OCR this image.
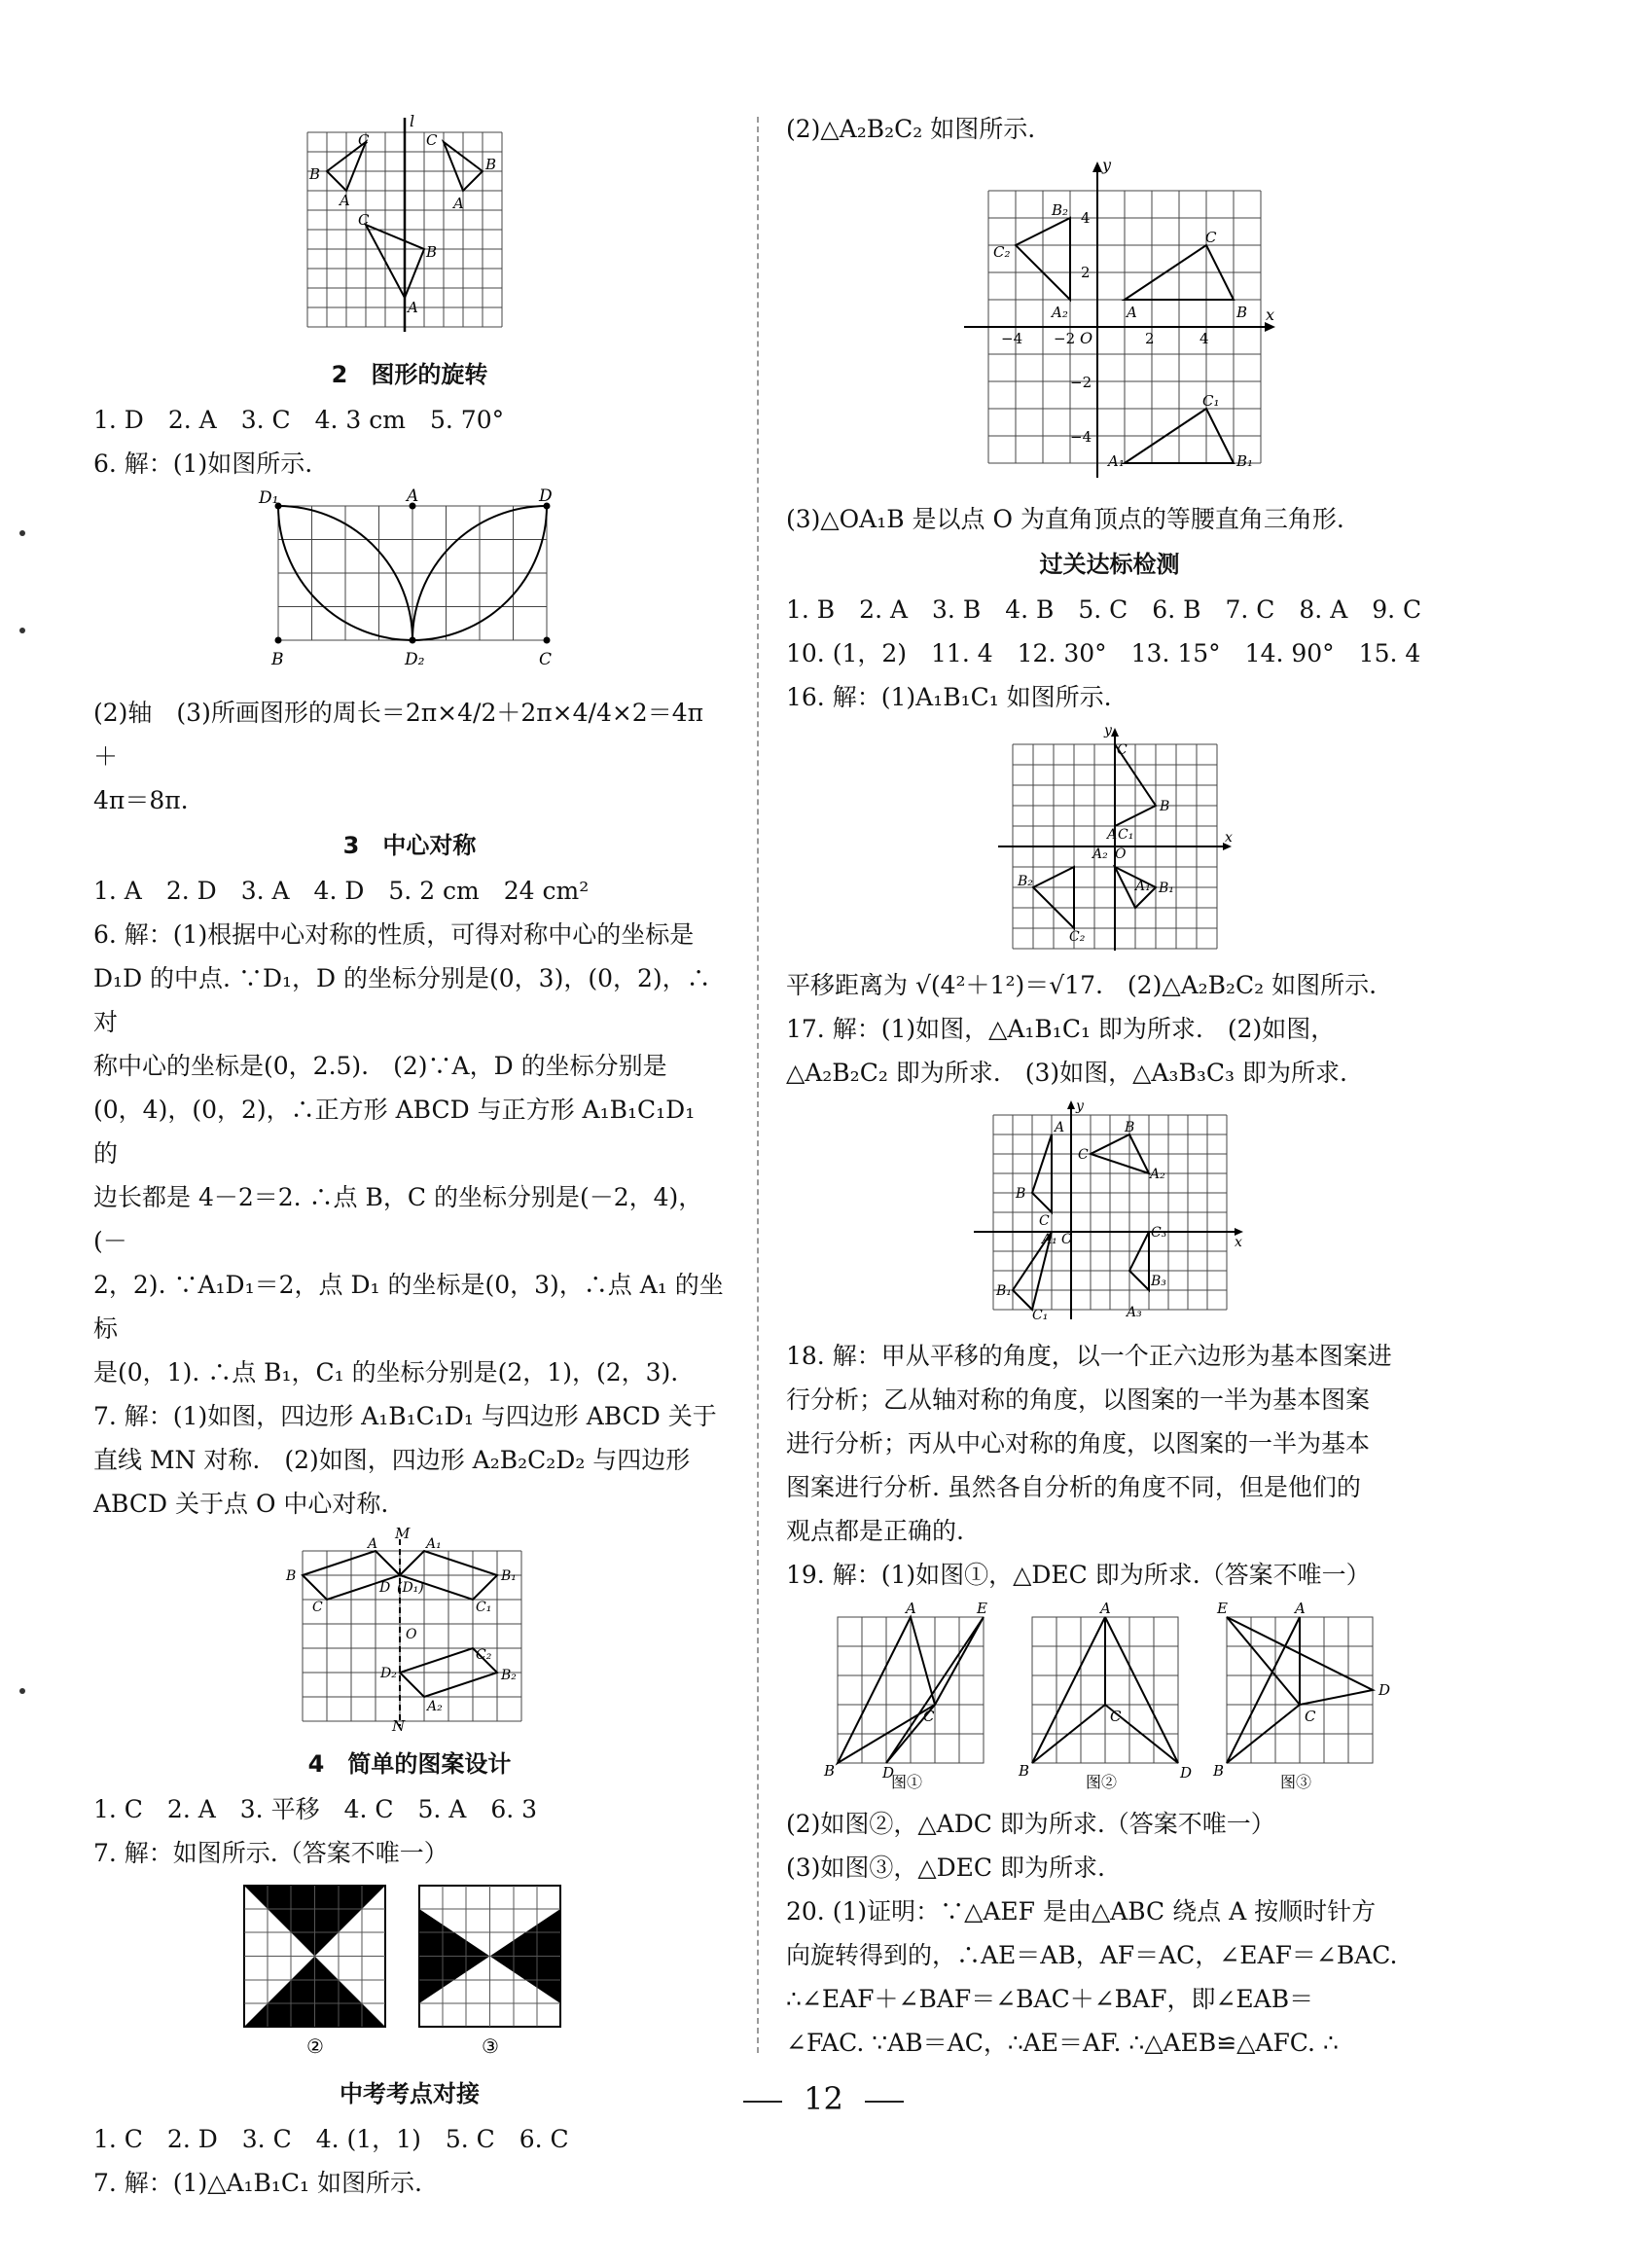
l
B
C
A
C
B
A
C
B
A

2　图形的旋转

1. D　2. A　3. C　4. 3 cm　5. 70°

6. 解：(1)如图所示.

D₁	A	D
B	D₂	C

(2)轴　(3)所画图形的周长＝2π×4/2＋2π×4/4×2＝4π＋

4π＝8π.

3　中心对称

1. A　2. D　3. A　4. D　5. 2 cm　24 cm²

6. 解：(1)根据中心对称的性质，可得对称中心的坐标是

D₁D 的中点. ∵D₁，D 的坐标分别是(0，3)，(0，2)，∴对

称中心的坐标是(0，2.5).　(2)∵A，D 的坐标分别是

(0，4)，(0，2)，∴正方形 ABCD 与正方形 A₁B₁C₁D₁ 的

边长都是 4－2＝2. ∴点 B，C 的坐标分别是(－2，4)，(－

2，2). ∵A₁D₁＝2，点 D₁ 的坐标是(0，3)，∴点 A₁ 的坐标

是(0，1). ∴点 B₁，C₁ 的坐标分别是(2，1)，(2，3).

7. 解：(1)如图，四边形 A₁B₁C₁D₁ 与四边形 ABCD 关于

直线 MN 对称.　(2)如图，四边形 A₂B₂C₂D₂ 与四边形

ABCD 关于点 O 中心对称.

M
A	A₁
B	B₁
C	C₁
D (D₁)
O
C₂
B₂
D₂
A₂
N

4　简单的图案设计

1. C　2. A　3. 平移　4. C　5. A　6. 3

7. 解：如图所示.（答案不唯一）

②	③

中考考点对接

1. C　2. D　3. C　4. (1，1)　5. C　6. C

7. 解：(1)△A₁B₁C₁ 如图所示.

(2)△A₂B₂C₂ 如图所示.

y
x
O
−4 −2	2	4
2
4
−2
−4
A
C
B
A₂
C₂
B₂
C₁
A₁	B₁

(3)△OA₁B 是以点 O 为直角顶点的等腰直角三角形.

过关达标检测

1. B　2. A　3. B　4. B　5. C　6. B　7. C　8. A　9. C

10. (1，2)　11. 4　12. 30°　13. 15°　14. 90°　15. 4

16. 解：(1)A₁B₁C₁ 如图所示.

y
x
C
B
A C₁
A₂ O
B₂	A₁ B₁
C₂

平移距离为 √(4²＋1²)＝√17.　(2)△A₂B₂C₂ 如图所示.

17. 解：(1)如图，△A₁B₁C₁ 即为所求.　(2)如图，

△A₂B₂C₂ 即为所求.　(3)如图，△A₃B₃C₃ 即为所求.

y
x
A
B
C
B
C
A₂
A₁ O
B₁
C₁
C₃
B₃
A₃

18. 解：甲从平移的角度，以一个正六边形为基本图案进

行分析；乙从轴对称的角度，以图案的一半为基本图案

进行分析；丙从中心对称的角度，以图案的一半为基本

图案进行分析. 虽然各自分析的角度不同，但是他们的

观点都是正确的.

19. 解：(1)如图①，△DEC 即为所求.（答案不唯一）

A	E
B	D
C
A
B	D
C
A
E
B
D
C
图①	图②	图③

(2)如图②，△ADC 即为所求.（答案不唯一）

(3)如图③，△DEC 即为所求.

20. (1)证明：∵△AEF 是由△ABC 绕点 A 按顺时针方

向旋转得到的，∴AE＝AB，AF＝AC，∠EAF＝∠BAC.

∴∠EAF＋∠BAF＝∠BAC＋∠BAF，即∠EAB＝

∠FAC. ∵AB＝AC，∴AE＝AF. ∴△AEB≌△AFC. ∴

12
